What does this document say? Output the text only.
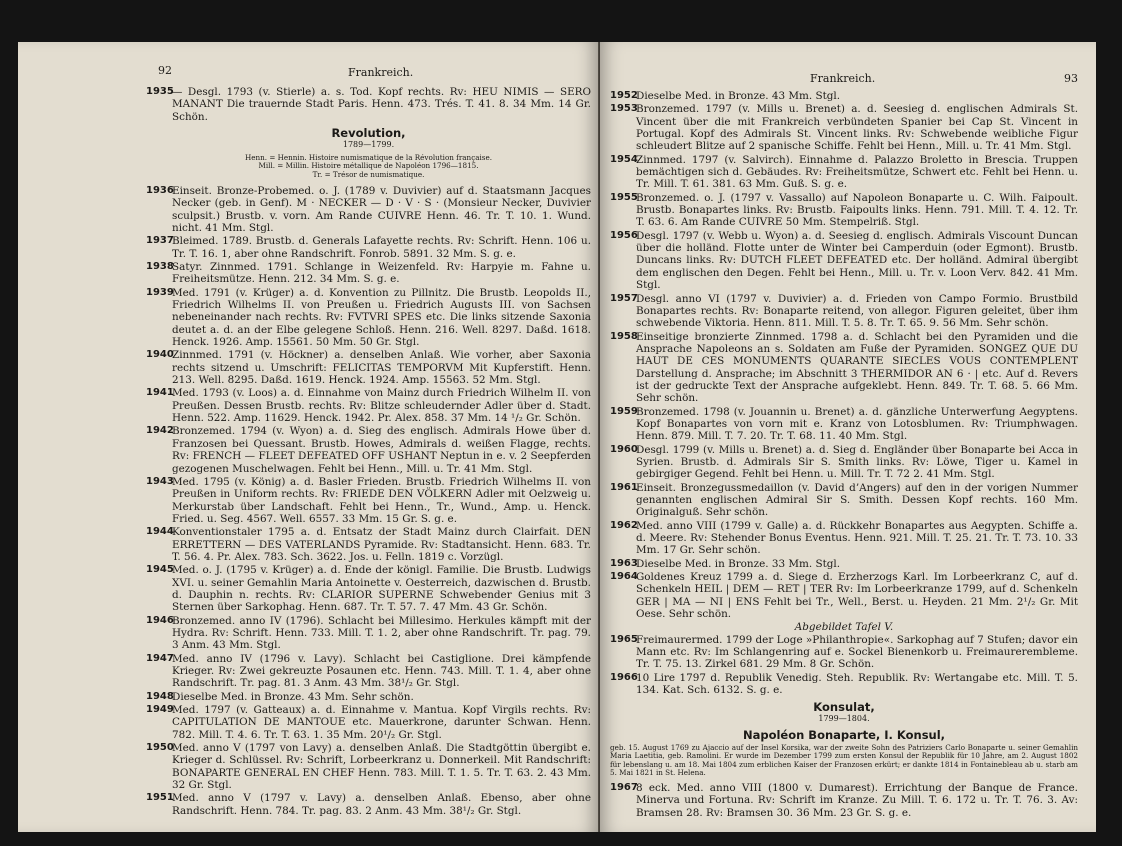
92	Frankreich.
1935
— Desgl. 1793 (v. Stierle) a. s. Tod. Kopf rechts. Rv: HEU NIMIS — SERO MANANT Die trauernde Stadt Paris. Henn. 473. Trés. T. 41. 8. 34 Mm. 14 Gr. Schön.
Revolution,
1789—1799.
Henn. = Hennin. Histoire numismatique de la Révolution française.
Mill. = Millin. Histoire métallique de Napoléon 1796—1815.
Tr. = Trésor de numismatique.
1936
Einseit. Bronze-Probemed. o. J. (1789 v. Duvivier) auf d. Staatsmann Jacques Necker (geb. in Genf). M · NECKER — D · V · S · (Monsieur Necker, Duvivier sculpsit.) Brustb. v. vorn. Am Rande CUIVRE Henn. 46. Tr. T. 10. 1. Wund. nicht. 41 Mm. Stgl.
1937
Bleimed. 1789. Brustb. d. Generals Lafayette rechts. Rv: Schrift. Henn. 106 u. Tr. T. 16. 1, aber ohne Randschrift. Fonrob. 5891. 32 Mm. S. g. e.
1938
Satyr. Zinnmed. 1791. Schlange in Weizenfeld. Rv: Harpyie m. Fahne u. Freiheitsmütze. Henn. 212. 34 Mm. S. g. e.
1939
Med. 1791 (v. Krüger) a. d. Konvention zu Pillnitz. Die Brustb. Leopolds II., Friedrich Wilhelms II. von Preußen u. Friedrich Augusts III. von Sachsen nebeneinander nach rechts. Rv: FVTVRI SPES etc. Die links sitzende Saxonia deutet a. d. an der Elbe gelegene Schloß. Henn. 216. Well. 8297. Daßd. 1618. Henck. 1926. Amp. 15561. 50 Mm. 50 Gr. Stgl.
1940
Zinnmed. 1791 (v. Höckner) a. denselben Anlaß. Wie vorher, aber Saxonia rechts sitzend u. Umschrift: FELICITAS TEMPORVM Mit Kupferstift. Henn. 213. Well. 8295. Daßd. 1619. Henck. 1924. Amp. 15563. 52 Mm. Stgl.
1941
Med. 1793 (v. Loos) a. d. Einnahme von Mainz durch Friedrich Wilhelm II. von Preußen. Dessen Brustb. rechts. Rv: Blitze schleudernder Adler über d. Stadt. Henn. 522. Amp. 11629. Henck. 1942. Pr. Alex. 858. 37 Mm. 14 ¹/₂ Gr. Schön.
1942
Bronzemed. 1794 (v. Wyon) a. d. Sieg des englisch. Admirals Howe über d. Franzosen bei Quessant. Brustb. Howes, Admirals d. weißen Flagge, rechts. Rv: FRENCH — FLEET DEFEATED OFF USHANT Neptun in e. v. 2 Seepferden gezogenen Muschelwagen. Fehlt bei Henn., Mill. u. Tr. 41 Mm. Stgl.
1943
Med. 1795 (v. König) a. d. Basler Frieden. Brustb. Friedrich Wilhelms II. von Preußen in Uniform rechts. Rv: FRIEDE DEN VÖLKERN Adler mit Oelzweig u. Merkurstab über Landschaft. Fehlt bei Henn., Tr., Wund., Amp. u. Henck. Fried. u. Seg. 4567. Well. 6557. 33 Mm. 15 Gr. S. g. e.
1944
Konventionstaler 1795 a. d. Entsatz der Stadt Mainz durch Clairfait. DEN ERRETTERN — DES VATERLANDS Pyramide. Rv: Stadtansicht. Henn. 683. Tr. T. 56. 4. Pr. Alex. 783. Sch. 3622. Jos. u. Felln. 1819 c. Vorzügl.
1945
Med. o. J. (1795 v. Krüger) a. d. Ende der königl. Familie. Die Brustb. Ludwigs XVI. u. seiner Gemahlin Maria Antoinette v. Oesterreich, dazwischen d. Brustb. d. Dauphin n. rechts. Rv: CLARIOR SUPERNE Schwebender Genius mit 3 Sternen über Sarkophag. Henn. 687. Tr. T. 57. 7. 47 Mm. 43 Gr. Schön.
1946
Bronzemed. anno IV (1796). Schlacht bei Millesimo. Herkules kämpft mit der Hydra. Rv: Schrift. Henn. 733. Mill. T. 1. 2, aber ohne Randschrift. Tr. pag. 79. 3 Anm. 43 Mm. Stgl.
1947
Med. anno IV (1796 v. Lavy). Schlacht bei Castiglione. Drei kämpfende Krieger. Rv: Zwei gekreuzte Posaunen etc. Henn. 743. Mill. T. 1. 4, aber ohne Randschrift. Tr. pag. 81. 3 Anm. 43 Mm. 38¹/₂ Gr. Stgl.
1948
Dieselbe Med. in Bronze. 43 Mm. Sehr schön.
1949
Med. 1797 (v. Gatteaux) a. d. Einnahme v. Mantua. Kopf Virgils rechts. Rv: CAPITULATION DE MANTOUE etc. Mauerkrone, darunter Schwan. Henn. 782. Mill. T. 4. 6. Tr. T. 63. 1. 35 Mm. 20¹/₂ Gr. Stgl.
1950
Med. anno V (1797 von Lavy) a. denselben Anlaß. Die Stadtgöttin übergibt e. Krieger d. Schlüssel. Rv: Schrift, Lorbeerkranz u. Donnerkeil. Mit Randschrift: BONAPARTE GENERAL EN CHEF Henn. 783. Mill. T. 1. 5. Tr. T. 63. 2. 43 Mm. 32 Gr. Stgl.
1951
Med. anno V (1797 v. Lavy) a. denselben Anlaß. Ebenso, aber ohne Randschrift. Henn. 784. Tr. pag. 83. 2 Anm. 43 Mm. 38¹/₂ Gr. Stgl.
Frankreich.	93
1952
Dieselbe Med. in Bronze. 43 Mm. Stgl.
1953
Bronzemed. 1797 (v. Mills u. Brenet) a. d. Seesieg d. englischen Admirals St. Vincent über die mit Frankreich verbündeten Spanier bei Cap St. Vincent in Portugal. Kopf des Admirals St. Vincent links. Rv: Schwebende weibliche Figur schleudert Blitze auf 2 spanische Schiffe. Fehlt bei Henn., Mill. u. Tr. 41 Mm. Stgl.
1954
Zinnmed. 1797 (v. Salvirch). Einnahme d. Palazzo Broletto in Brescia. Truppen bemächtigen sich d. Gebäudes. Rv: Freiheitsmütze, Schwert etc. Fehlt bei Henn. u. Tr. Mill. T. 61. 381. 63 Mm. Guß. S. g. e.
1955
Bronzemed. o. J. (1797 v. Vassallo) auf Napoleon Bonaparte u. C. Wilh. Faipoult. Brustb. Bonapartes links. Rv: Brustb. Faipoults links. Henn. 791. Mill. T. 4. 12. Tr. T. 63. 6. Am Rande CUIVRE 50 Mm. Stempelriß. Stgl.
1956
Desgl. 1797 (v. Webb u. Wyon) a. d. Seesieg d. englisch. Admirals Viscount Duncan über die holländ. Flotte unter de Winter bei Camperduin (oder Egmont). Brustb. Duncans links. Rv: DUTCH FLEET DEFEATED etc. Der holländ. Admiral übergibt dem englischen den Degen. Fehlt bei Henn., Mill. u. Tr. v. Loon Verv. 842. 41 Mm. Stgl.
1957
Desgl. anno VI (1797 v. Duvivier) a. d. Frieden von Campo Formio. Brustbild Bonapartes rechts. Rv: Bonaparte reitend, von allegor. Figuren geleitet, über ihm schwebende Viktoria. Henn. 811. Mill. T. 5. 8. Tr. T. 65. 9. 56 Mm. Sehr schön.
1958
Einseitige bronzierte Zinnmed. 1798 a. d. Schlacht bei den Pyramiden und die Ansprache Napoleons an s. Soldaten am Fuße der Pyramiden. SONGEZ QUE DU HAUT DE CES MONUMENTS QUARANTE SIECLES VOUS CONTEMPLENT Darstellung d. Ansprache; im Abschnitt 3 THERMIDOR AN 6 · | etc. Auf d. Revers ist der gedruckte Text der Ansprache aufgeklebt. Henn. 849. Tr. T. 68. 5. 66 Mm. Sehr schön.
1959
Bronzemed. 1798 (v. Jouannin u. Brenet) a. d. gänzliche Unterwerfung Aegyptens. Kopf Bonapartes von vorn mit e. Kranz von Lotosblumen. Rv: Triumphwagen. Henn. 879. Mill. T. 7. 20. Tr. T. 68. 11. 40 Mm. Stgl.
1960
Desgl. 1799 (v. Mills u. Brenet) a. d. Sieg d. Engländer über Bonaparte bei Acca in Syrien. Brustb. d. Admirals Sir S. Smith links. Rv: Löwe, Tiger u. Kamel in gebirgiger Gegend. Fehlt bei Henn. u. Mill. Tr. T. 72 2. 41 Mm. Stgl.
1961
Einseit. Bronzegussmedaillon (v. David d’Angers) auf den in der vorigen Nummer genannten englischen Admiral Sir S. Smith. Dessen Kopf rechts. 160 Mm. Originalguß. Sehr schön.
1962
Med. anno VIII (1799 v. Galle) a. d. Rückkehr Bonapartes aus Aegypten. Schiffe a. d. Meere. Rv: Stehender Bonus Eventus. Henn. 921. Mill. T. 25. 21. Tr. T. 73. 10. 33 Mm. 17 Gr. Sehr schön.
1963
Dieselbe Med. in Bronze. 33 Mm. Stgl.
1964
Goldenes Kreuz 1799 a. d. Siege d. Erzherzogs Karl. Im Lorbeerkranz C, auf d. Schenkeln HEIL | DEM — RET | TER Rv: Im Lorbeerkranze 1799, auf d. Schenkeln GER | MA — NI | ENS Fehlt bei Tr., Well., Berst. u. Heyden. 21 Mm. 2¹/₂ Gr. Mit Oese. Sehr schön.

Abgebildet Tafel V.

1965
Freimaurermed. 1799 der Loge »Philanthropie«. Sarkophag auf 7 Stufen; davor ein Mann etc. Rv: Im Schlangenring auf e. Sockel Bienenkorb u. Freimaurerembleme. Tr. T. 75. 13. Zirkel 681. 29 Mm. 8 Gr. Schön.
1966
10 Lire 1797 d. Republik Venedig. Steh. Republik. Rv: Wertangabe etc. Mill. T. 5. 134. Kat. Sch. 6132. S. g. e.
Konsulat,
1799—1804.
Napoléon Bonaparte, I. Konsul,
geb. 15. August 1769 zu Ajaccio auf der Insel Korsika, war der zweite Sohn des Patriziers Carlo Bonaparte u. seiner Gemahlin Maria Laetitia, geb. Ramolini. Er wurde im Dezember 1799 zum ersten Konsul der Republik für 10 Jahre, am 2. August 1802 für lebenslang u. am 18. Mai 1804 zum erblichen Kaiser der Franzosen erkürt; er dankte 1814 in Fontainebleau ab u. starb am 5. Mai 1821 in St. Helena.
1967
8 eck. Med. anno VIII (1800 v. Dumarest). Errichtung der Banque de France. Minerva und Fortuna. Rv: Schrift im Kranze. Zu Mill. T. 6. 172 u. Tr. T. 76. 3. Av: Bramsen 28. Rv: Bramsen 30. 36 Mm. 23 Gr. S. g. e.
